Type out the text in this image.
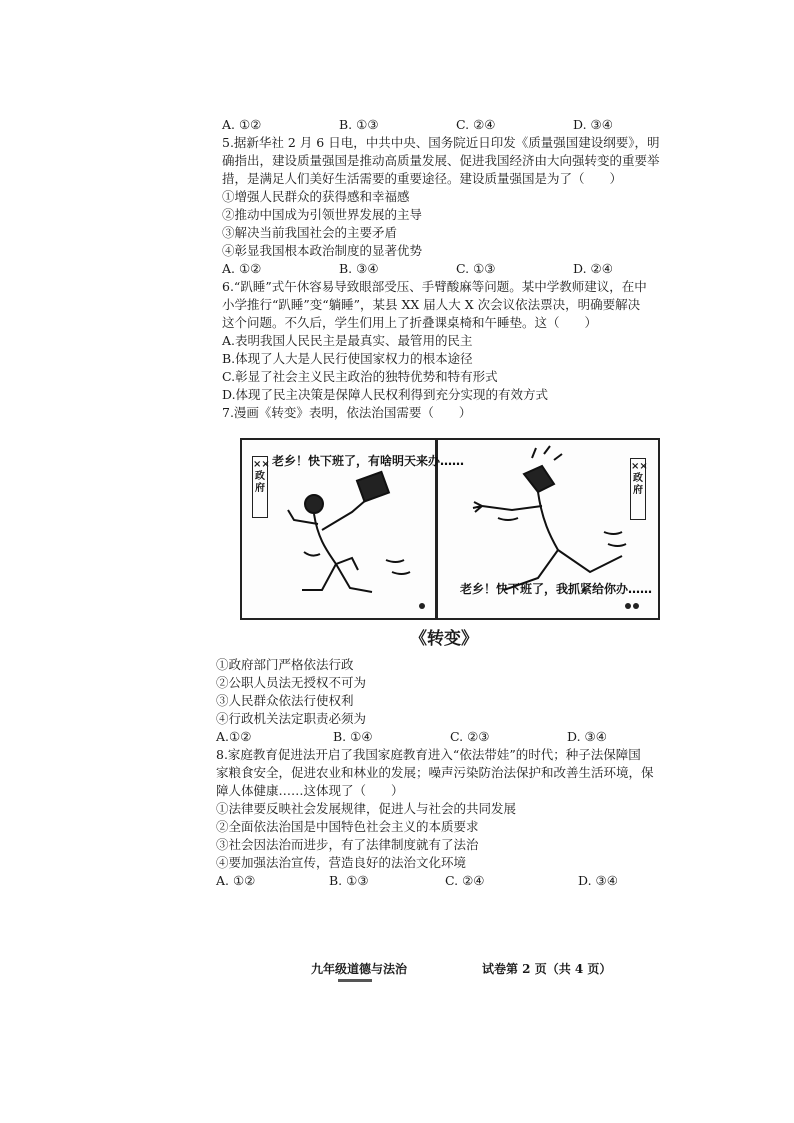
A. ①②	B. ①③	C. ②④	D. ③④
5.据新华社 2 月 6 日电，中共中央、国务院近日印发《质量强国建设纲要》，明
确指出，建设质量强国是推动高质量发展、促进我国经济由大向强转变的重要举
措，是满足人们美好生活需要的重要途径。建设质量强国是为了（　　）
①增强人民群众的获得感和幸福感
②推动中国成为引领世界发展的主导
③解决当前我国社会的主要矛盾
④彰显我国根本政治制度的显著优势
A. ①②	B. ③④	C. ①③	D. ②④
6.“趴睡”式午休容易导致眼部受压、手臂酸麻等问题。某中学教师建议，在中
小学推行“趴睡”变“躺睡”，某县 XX 届人大 X 次会议依法票决，明确要解决
这个问题。不久后，学生们用上了折叠课桌椅和午睡垫。这（　　）
A.表明我国人民民主是最真实、最管用的民主
B.体现了人大是人民行使国家权力的根本途径
C.彰显了社会主义民主政治的独特优势和特有形式
D.体现了民主决策是保障人民权利得到充分实现的有效方式
7.漫画《转变》表明，依法治国需要（　　）
老乡！快下班了，有啥明天来办……
××政府
××政府
老乡！快下班了，我抓紧给你办……
《转变》
①政府部门严格依法行政
②公职人员法无授权不可为
③人民群众依法行使权利
④行政机关法定职责必须为
A.①②	B. ①④	C. ②③	D. ③④
8.家庭教育促进法开启了我国家庭教育进入“依法带娃”的时代；种子法保障国
家粮食安全，促进农业和林业的发展；噪声污染防治法保护和改善生活环境，保
障人体健康……这体现了（　　）
①法律要反映社会发展规律，促进人与社会的共同发展
②全面依法治国是中国特色社会主义的本质要求
③社会因法治而进步，有了法律制度就有了法治
④要加强法治宣传，营造良好的法治文化环境
A. ①②	B. ①③	C. ②④	D. ③④
九年级道德与法治	试卷第 2 页（共 4 页）
